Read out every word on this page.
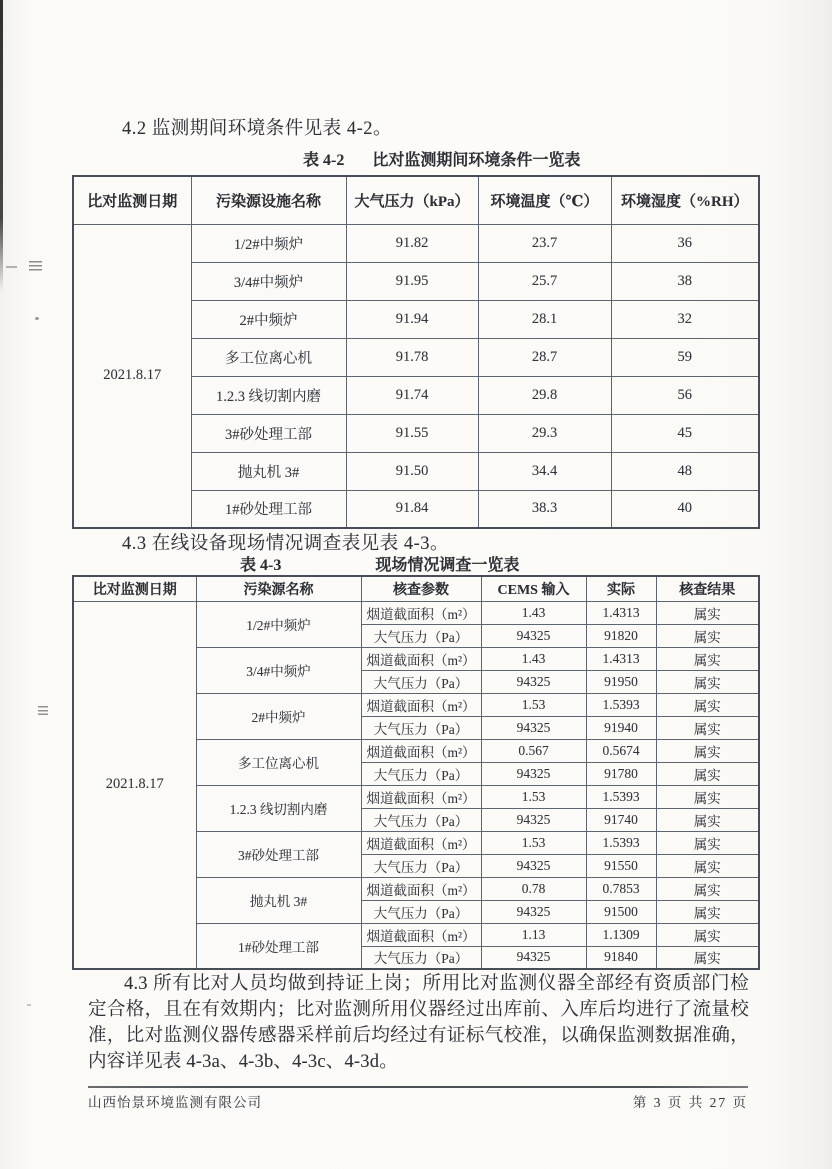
4.2 监测期间环境条件见表 4-2。
表 4-2 比对监测期间环境条件一览表
比对监测日期	污染源设施名称	大气压力（kPa）	环境温度（℃）	环境湿度（%RH）
2021.8.17	1/2#中频炉	91.82	23.7	36
	3/4#中频炉	91.95	25.7	38
	2#中频炉	91.94	28.1	32
	多工位离心机	91.78	28.7	59
	1.2.3 线切割内磨	91.74	29.8	56
	3#砂处理工部	91.55	29.3	45
	抛丸机 3#	91.50	34.4	48
	1#砂处理工部	91.84	38.3	40
4.3 在线设备现场情况调查表见表 4-3。
表 4-3	现场情况调查一览表
比对监测日期	污染源名称	核查参数	CEMS 输入	实际	核查结果
2021.8.17	1/2#中频炉	烟道截面积（m²）	1.43	1.4313	属实
		大气压力（Pa）	94325	91820	属实
	3/4#中频炉	烟道截面积（m²）	1.43	1.4313	属实
		大气压力（Pa）	94325	91950	属实
	2#中频炉	烟道截面积（m²）	1.53	1.5393	属实
		大气压力（Pa）	94325	91940	属实
	多工位离心机	烟道截面积（m²）	0.567	0.5674	属实
		大气压力（Pa）	94325	91780	属实
	1.2.3 线切割内磨	烟道截面积（m²）	1.53	1.5393	属实
		大气压力（Pa）	94325	91740	属实
	3#砂处理工部	烟道截面积（m²）	1.53	1.5393	属实
		大气压力（Pa）	94325	91550	属实
	抛丸机 3#	烟道截面积（m²）	0.78	0.7853	属实
		大气压力（Pa）	94325	91500	属实
	1#砂处理工部	烟道截面积（m²）	1.13	1.1309	属实
		大气压力（Pa）	94325	91840	属实
4.3 所有比对人员均做到持证上岗；所用比对监测仪器全部经有资质部门检定合格，且在有效期内；比对监测所用仪器经过出库前、入库后均进行了流量校准，比对监测仪器传感器采样前后均经过有证标气校准，以确保监测数据准确，内容详见表 4-3a、4-3b、4-3c、4-3d。
山西怡景环境监测有限公司	第 3 页 共 27 页
